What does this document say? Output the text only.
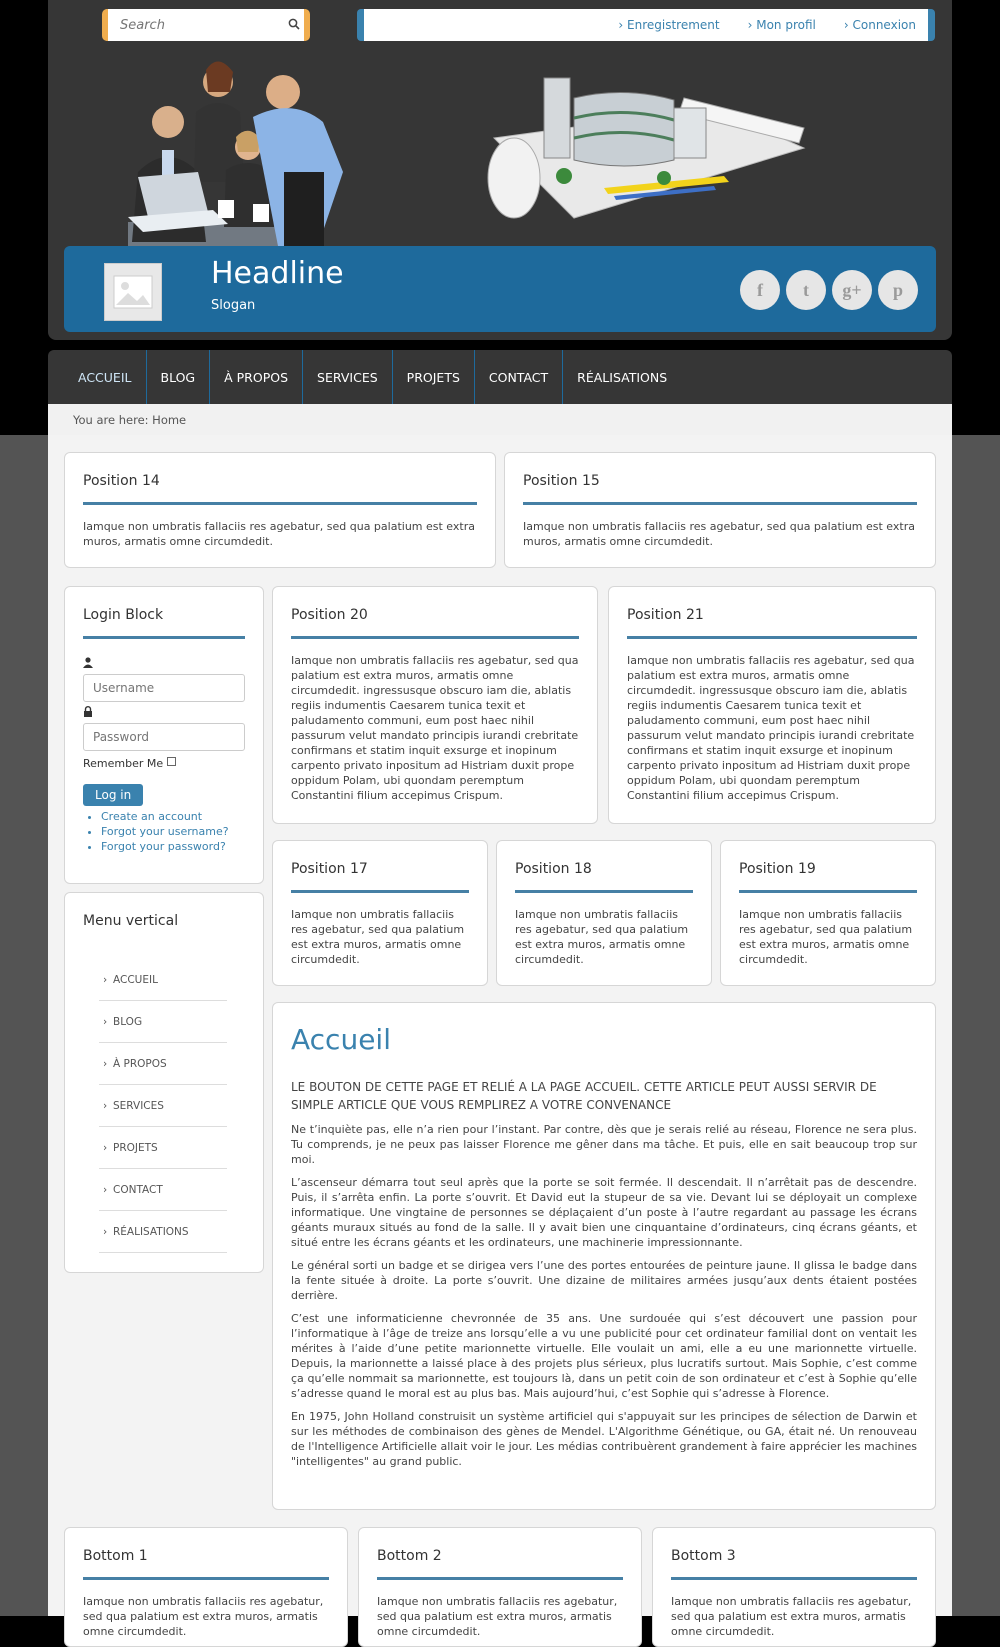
Search
› Enregistrement	› Mon profil	› Connexion
Headline
Slogan
f	t	g+	p
ACCUEIL	BLOG	À PROPOS	SERVICES	PROJETS	CONTACT	RÉALISATIONS
You are here: Home
Position 14

Iamque non umbratis fallaciis res agebatur, sed qua palatium est extra muros, armatis omne circumdedit.

Position 15

Iamque non umbratis fallaciis res agebatur, sed qua palatium est extra muros, armatis omne circumdedit.

Login Block
Username
Remember Me
Log in
• Create an account
• Forgot your username?
• Forgot your password?
Position 20

Iamque non umbratis fallaciis res agebatur, sed qua palatium est extra muros, armatis omne circumdedit. ingressusque obscuro iam die, ablatis regiis indumentis Caesarem tunica texit et paludamento communi, eum post haec nihil passurum velut mandato principis iurandi crebritate confirmans et statim inquit exsurge et inopinum carpento privato inpositum ad Histriam duxit prope oppidum Polam, ubi quondam peremptum Constantini filium accepimus Crispum.

Position 21

Iamque non umbratis fallaciis res agebatur, sed qua palatium est extra muros, armatis omne circumdedit. ingressusque obscuro iam die, ablatis regiis indumentis Caesarem tunica texit et paludamento communi, eum post haec nihil passurum velut mandato principis iurandi crebritate confirmans et statim inquit exsurge et inopinum carpento privato inpositum ad Histriam duxit prope oppidum Polam, ubi quondam peremptum Constantini filium accepimus Crispum.

Menu vertical
› ACCUEIL
› BLOG
› À PROPOS
› SERVICES
› PROJETS
› CONTACT
› RÉALISATIONS
Position 17

Iamque non umbratis fallaciis res agebatur, sed qua palatium est extra muros, armatis omne circumdedit.

Position 18

Iamque non umbratis fallaciis res agebatur, sed qua palatium est extra muros, armatis omne circumdedit.

Position 19

Iamque non umbratis fallaciis res agebatur, sed qua palatium est extra muros, armatis omne circumdedit.

Accueil
LE BOUTON DE CETTE PAGE ET RELIÉ A LA PAGE ACCUEIL. CETTE ARTICLE PEUT AUSSI SERVIR DE SIMPLE ARTICLE QUE VOUS REMPLIREZ A VOTRE CONVENANCE

Ne t’inquiète pas, elle n’a rien pour l’instant. Par contre, dès que je serais relié au réseau, Florence ne sera plus. Tu comprends, je ne peux pas laisser Florence me gêner dans ma tâche. Et puis, elle en sait beaucoup trop sur moi.

L’ascenseur démarra tout seul après que la porte se soit fermée. Il descendait. Il n’arrêtait pas de descendre. Puis, il s’arrêta enfin. La porte s’ouvrit. Et David eut la stupeur de sa vie. Devant lui se déployait un complexe informatique. Une vingtaine de personnes se déplaçaient d’un poste à l’autre regardant au passage les écrans géants muraux situés au fond de la salle. Il y avait bien une cinquantaine d’ordinateurs, cinq écrans géants, et situé entre les écrans géants et les ordinateurs, une machinerie impressionnante.

Le général sorti un badge et se dirigea vers l’une des portes entourées de peinture jaune. Il glissa le badge dans la fente située à droite. La porte s’ouvrit. Une dizaine de militaires armées jusqu’aux dents étaient postées derrière.

C’est une informaticienne chevronnée de 35 ans. Une surdouée qui s’est découvert une passion pour l’informatique à l’âge de treize ans lorsqu’elle a vu une publicité pour cet ordinateur familial dont on ventait les mérites à l’aide d’une petite marionnette virtuelle. Elle voulait un ami, elle a eu une marionnette virtuelle. Depuis, la marionnette a laissé place à des projets plus sérieux, plus lucratifs surtout. Mais Sophie, c’est comme ça qu’elle nommait sa marionnette, est toujours là, dans un petit coin de son ordinateur et c’est à Sophie qu’elle s’adresse quand le moral est au plus bas. Mais aujourd’hui, c’est Sophie qui s’adresse à Florence.

En 1975, John Holland construisit un système artificiel qui s'appuyait sur les principes de sélection de Darwin et sur les méthodes de combinaison des gènes de Mendel. L'Algorithme Génétique, ou GA, était né. Un renouveau de l'Intelligence Artificielle allait voir le jour. Les médias contribuèrent grandement à faire apprécier les machines "intelligentes" au grand public.

Bottom 1

Iamque non umbratis fallaciis res agebatur, sed qua palatium est extra muros, armatis omne circumdedit.

Bottom 2

Iamque non umbratis fallaciis res agebatur, sed qua palatium est extra muros, armatis omne circumdedit.

Bottom 3

Iamque non umbratis fallaciis res agebatur, sed qua palatium est extra muros, armatis omne circumdedit.
